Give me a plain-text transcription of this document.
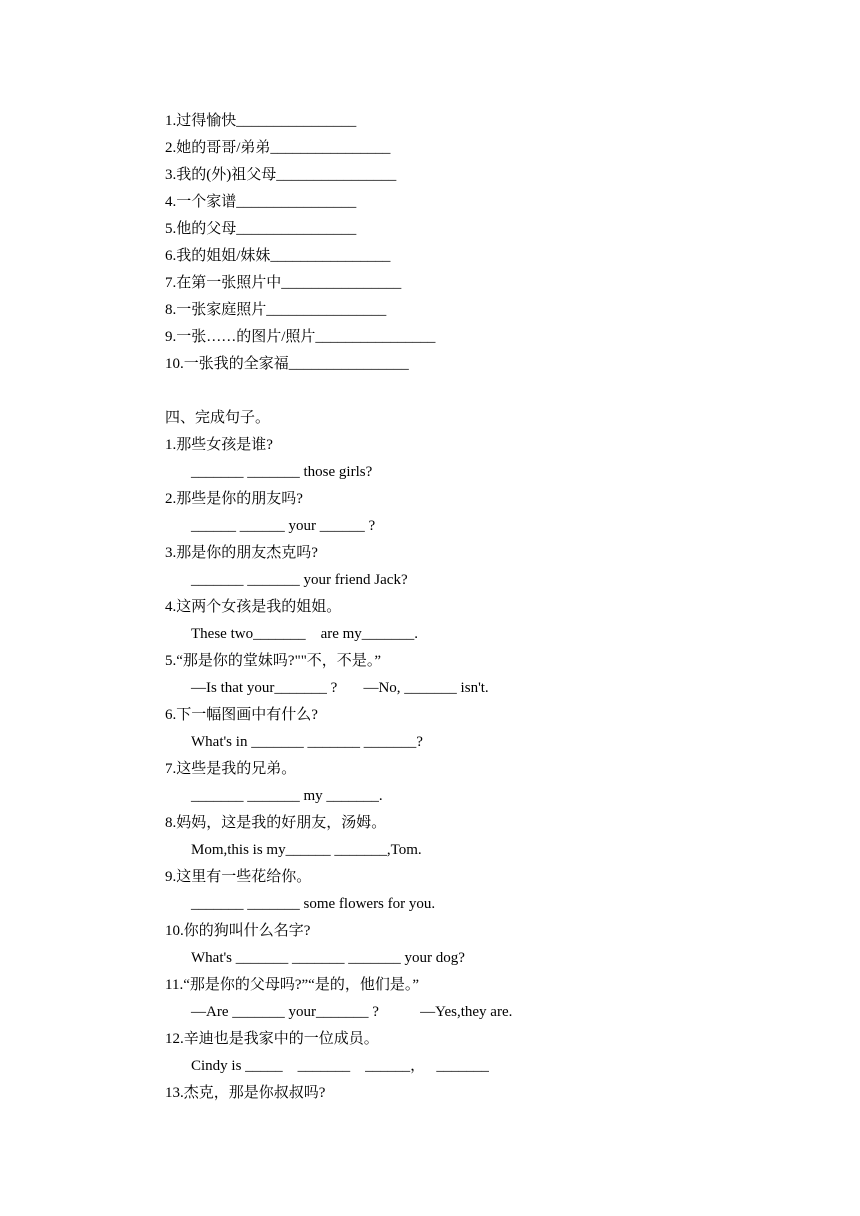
1.过得愉快________________
2.她的哥哥/弟弟________________
3.我的(外)祖父母________________
4.一个家谱________________
5.他的父母________________
6.我的姐姐/妹妹________________
7.在第一张照片中________________
8.一张家庭照片________________
9.一张……的图片/照片________________
10.一张我的全家福________________
四、完成句子。
1.那些女孩是谁?
_______ _______ those girls?
2.那些是你的朋友吗?
______ ______ your ______ ?
3.那是你的朋友杰克吗?
_______ _______ your friend Jack?
4.这两个女孩是我的姐姐。
These two_______    are my_______.
5.“那是你的堂妹吗?""不，不是。”
—Is that your_______ ?       —No, _______ isn't.
6.下一幅图画中有什么?
What's in _______ _______ _______?
7.这些是我的兄弟。
_______ _______ my _______.
8.妈妈，这是我的好朋友，汤姆。
Mom,this is my______ _______,Tom.
9.这里有一些花给你。
_______ _______ some flowers for you.
10.你的狗叫什么名字?
What's _______ _______ _______ your dog?
11.“那是你的父母吗?”“是的，他们是。”
—Are _______ your_______ ?           —Yes,they are.
12.辛迪也是我家中的一位成员。
Cindy is _____    _______    ______，   _______
13.杰克，那是你叔叔吗?
